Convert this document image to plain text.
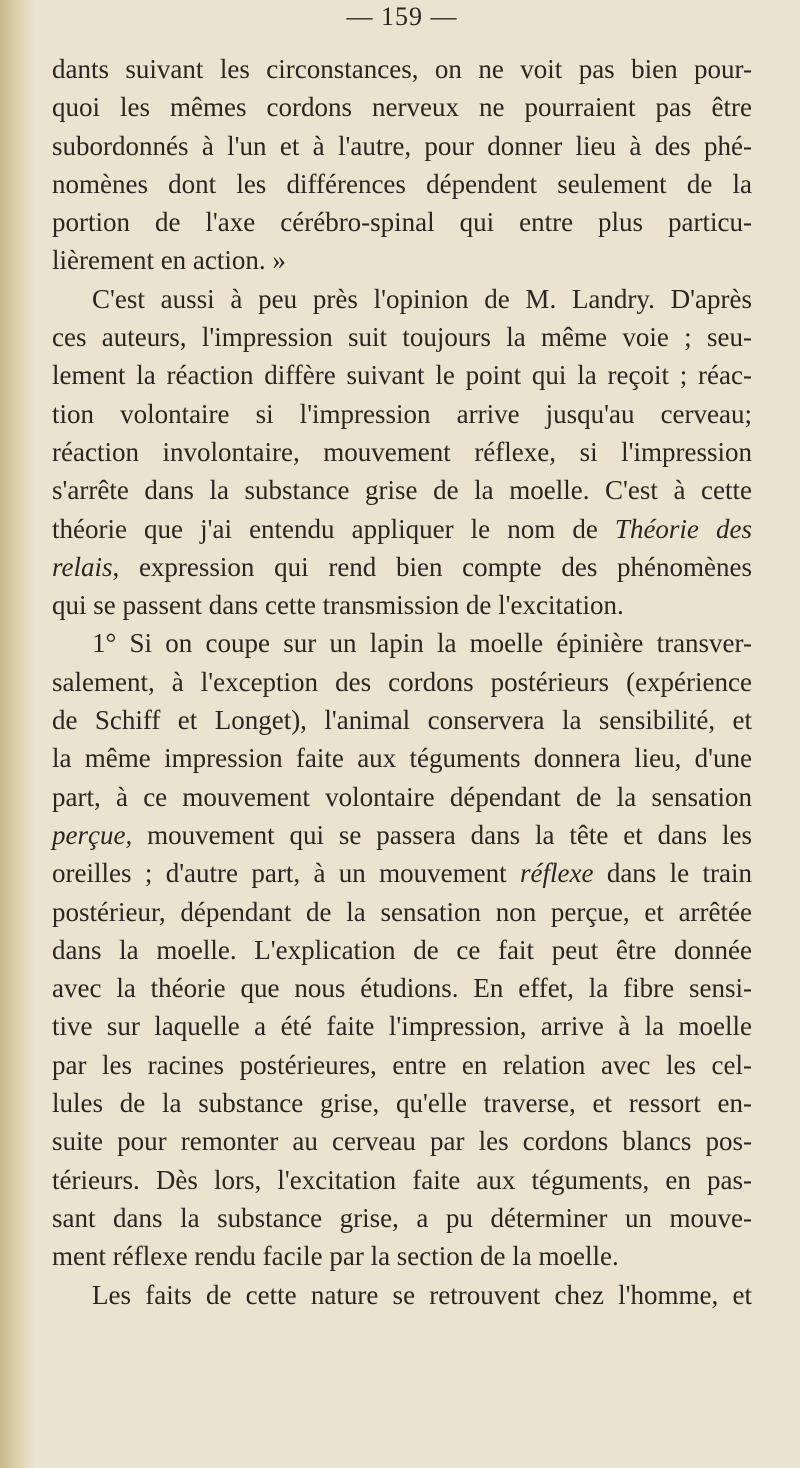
— 159 —
dants suivant les circonstances, on ne voit pas bien pour-
quoi les mêmes cordons nerveux ne pourraient pas être
subordonnés à l'un et à l'autre, pour donner lieu à des phé-
nomènes dont les différences dépendent seulement de la
portion de l'axe cérébro-spinal qui entre plus particu-
lièrement en action. »
C'est aussi à peu près l'opinion de M. Landry. D'après
ces auteurs, l'impression suit toujours la même voie ; seu-
lement la réaction diffère suivant le point qui la reçoit ; réac-
tion volontaire si l'impression arrive jusqu'au cerveau;
réaction involontaire, mouvement réflexe, si l'impression
s'arrête dans la substance grise de la moelle. C'est à cette
théorie que j'ai entendu appliquer le nom de Théorie des
relais, expression qui rend bien compte des phénomènes
qui se passent dans cette transmission de l'excitation.
1° Si on coupe sur un lapin la moelle épinière transver-
salement, à l'exception des cordons postérieurs (expérience
de Schiff et Longet), l'animal conservera la sensibilité, et
la même impression faite aux téguments donnera lieu, d'une
part, à ce mouvement volontaire dépendant de la sensation
perçue, mouvement qui se passera dans la tête et dans les
oreilles ; d'autre part, à un mouvement réflexe dans le train
postérieur, dépendant de la sensation non perçue, et arrêtée
dans la moelle. L'explication de ce fait peut être donnée
avec la théorie que nous étudions. En effet, la fibre sensi-
tive sur laquelle a été faite l'impression, arrive à la moelle
par les racines postérieures, entre en relation avec les cel-
lules de la substance grise, qu'elle traverse, et ressort en-
suite pour remonter au cerveau par les cordons blancs pos-
térieurs. Dès lors, l'excitation faite aux téguments, en pas-
sant dans la substance grise, a pu déterminer un mouve-
ment réflexe rendu facile par la section de la moelle.
Les faits de cette nature se retrouvent chez l'homme, et
